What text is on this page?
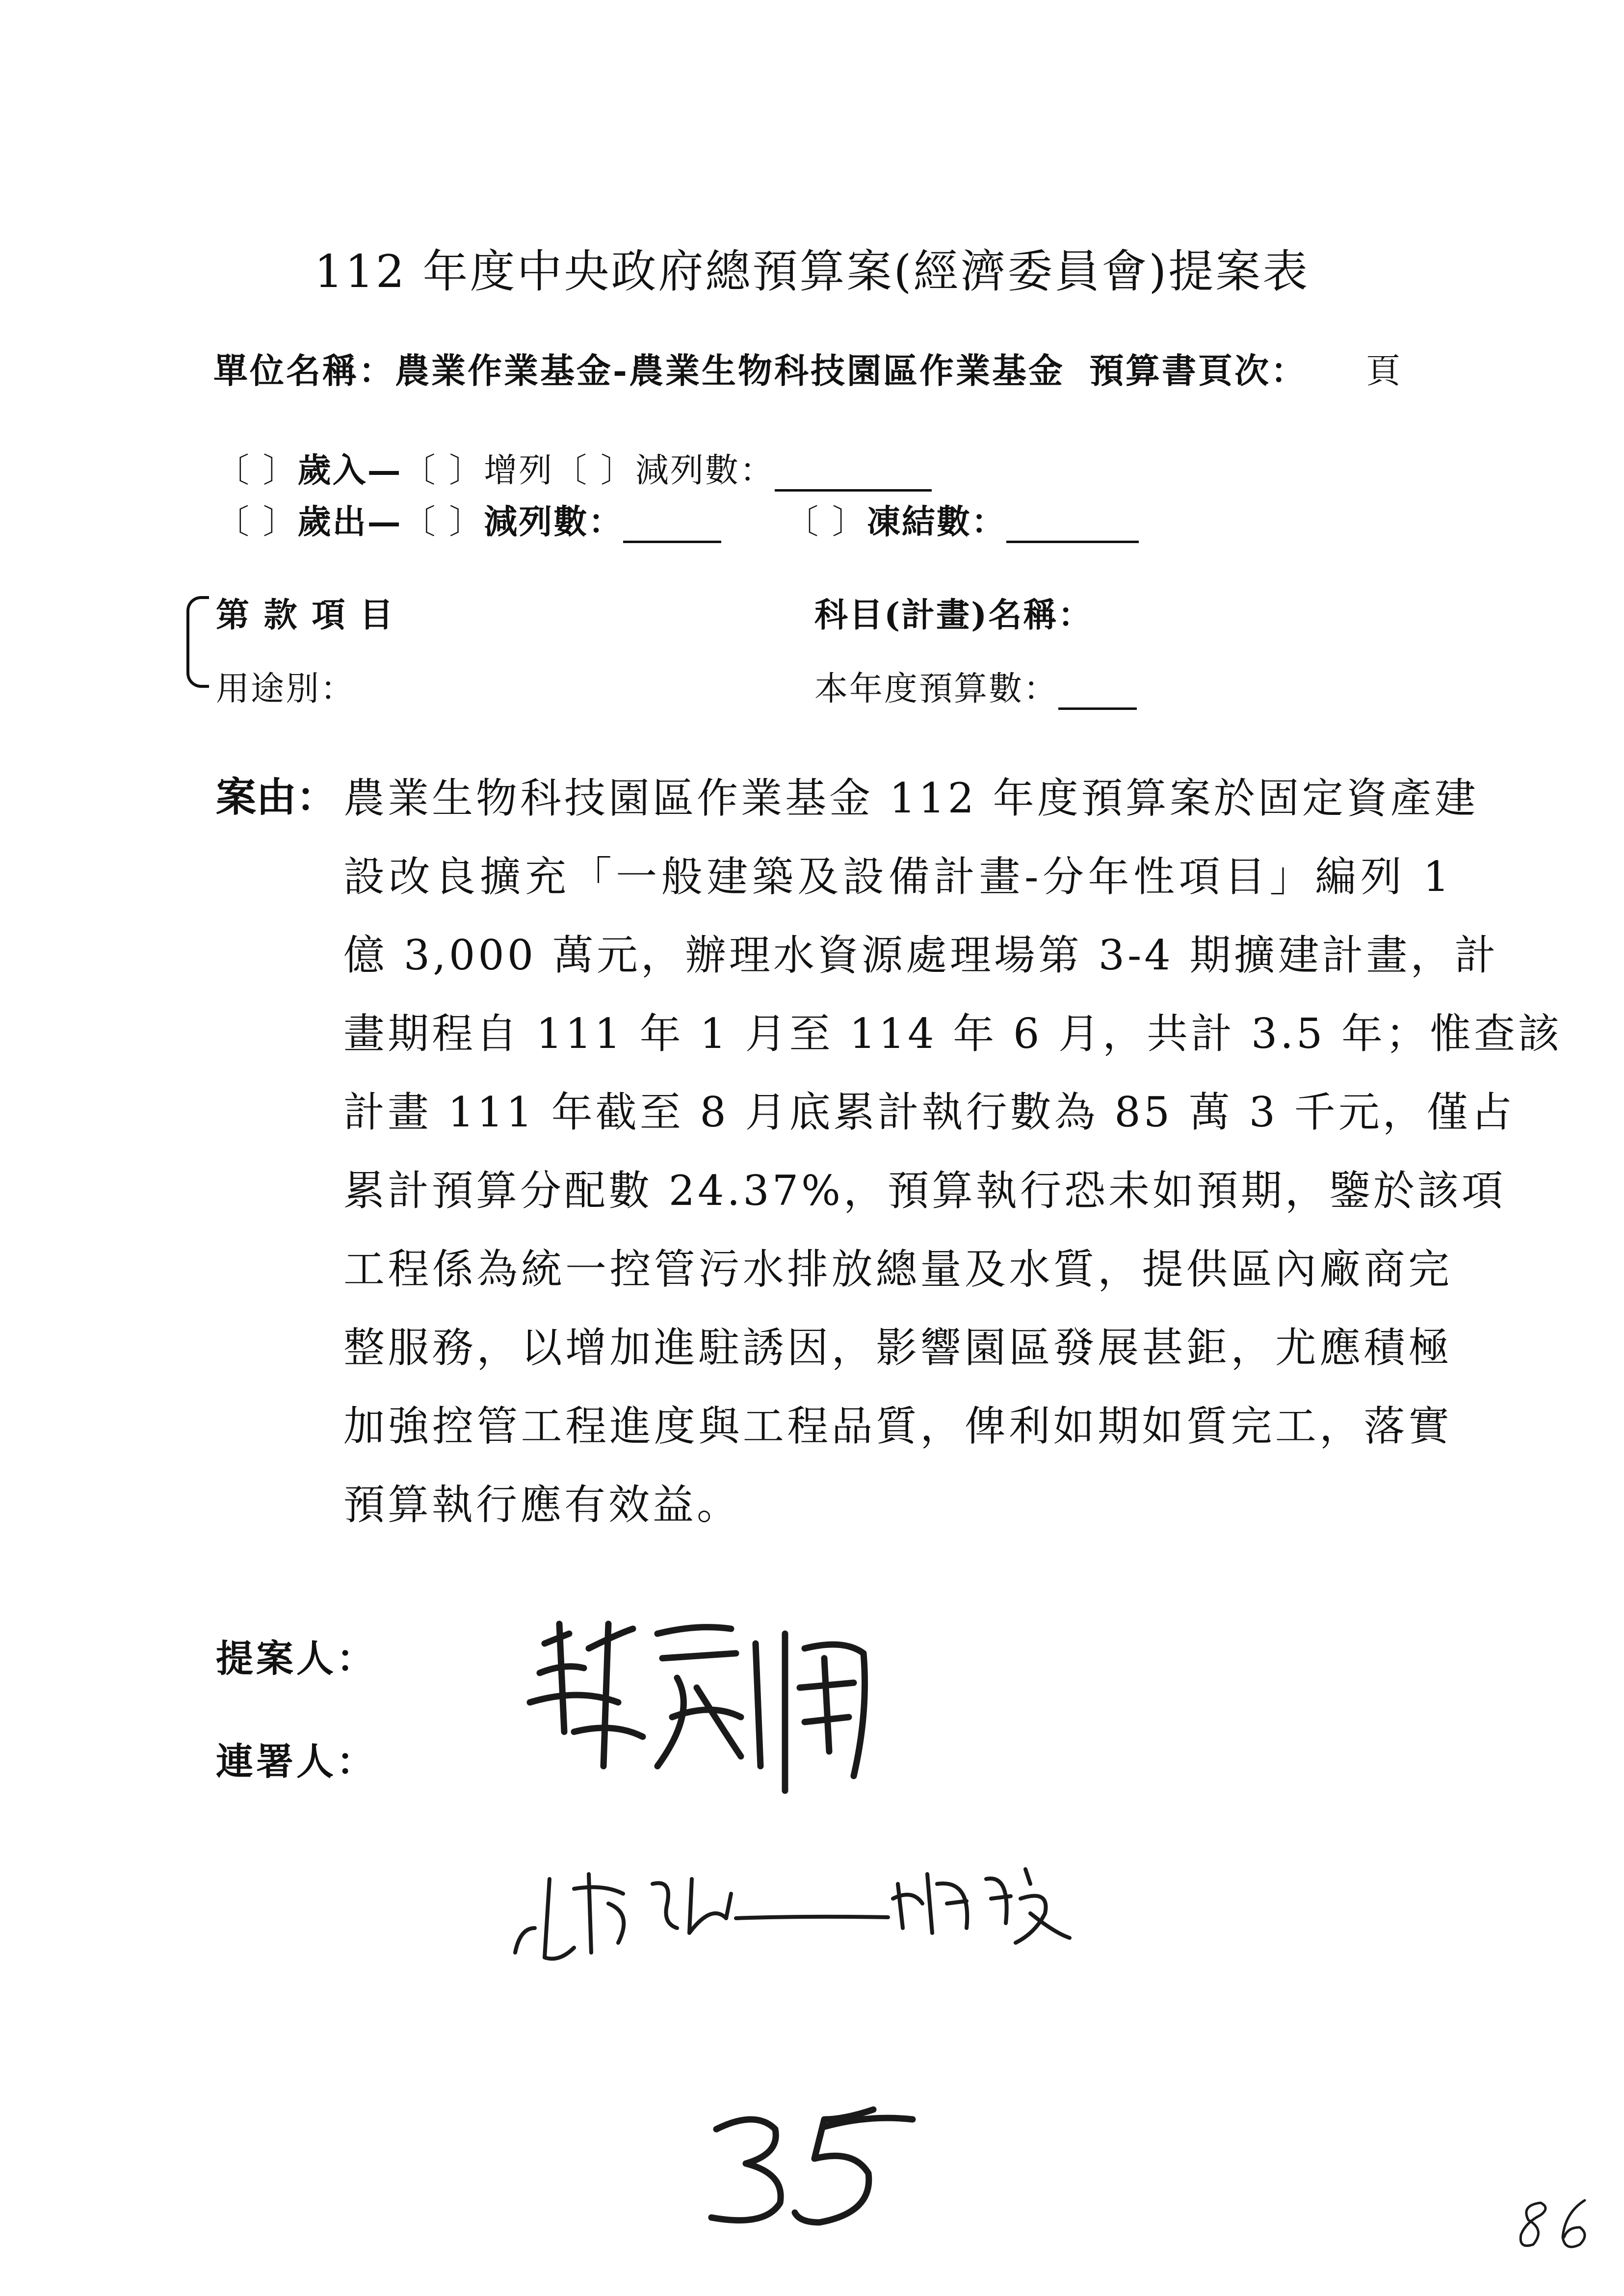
112 年度中央政府總預算案(經濟委員會)提案表
單位名稱：農業作業基金-農業生物科技園區作業基金 預算書頁次： 頁
〔 〕歲入—〔 〕增列〔 〕減列數：
〔 〕歲出—〔 〕減列數：	〔 〕凍結數：
第 款 項 目
用途別：
科目(計畫)名稱：
本年度預算數：
案由： 農業生物科技園區作業基金 112 年度預算案於固定資產建
設改良擴充「一般建築及設備計畫-分年性項目」編列 1
億 3,000 萬元，辦理水資源處理場第 3-4 期擴建計畫，計
畫期程自 111 年 1 月至 114 年 6 月，共計 3.5 年；惟查該
計畫 111 年截至 8 月底累計執行數為 85 萬 3 千元，僅占
累計預算分配數 24.37%，預算執行恐未如預期，鑒於該項
工程係為統一控管污水排放總量及水質，提供區內廠商完
整服務，以增加進駐誘因，影響園區發展甚鉅，尤應積極
加強控管工程進度與工程品質，俾利如期如質完工，落實
預算執行應有效益。
提案人：
連署人：
